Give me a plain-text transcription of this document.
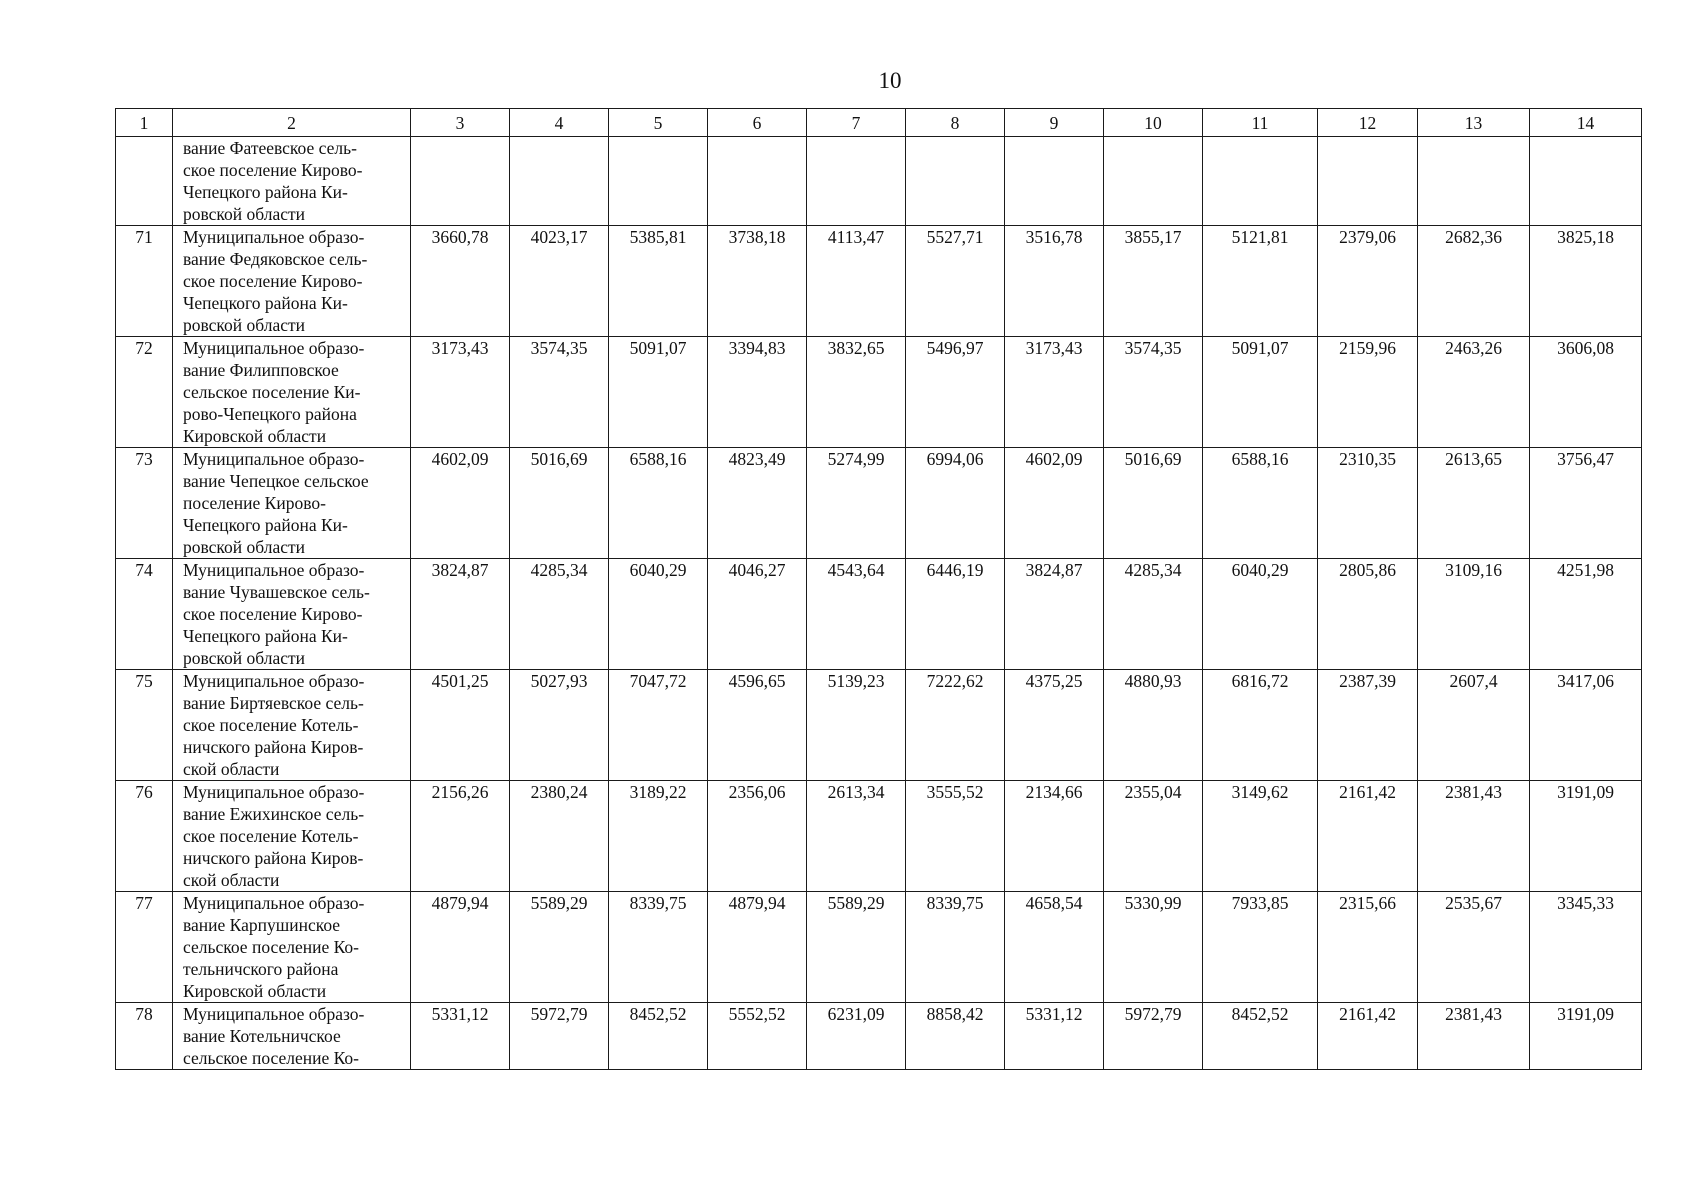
10
1	2	3	4	5	6	7	8	9	10	11	12	13	14

	вание Фатеевское сель-
ское поселение Кирово-
Чепецкого района Ки-
ровской области												

71	Муниципальное образо-
вание Федяковское сель-
ское поселение Кирово-
Чепецкого района Ки-
ровской области	3660,78	4023,17	5385,81	3738,18	4113,47	5527,71	3516,78	3855,17	5121,81	2379,06	2682,36	3825,18
72	Муниципальное образо-
вание Филипповское
сельское поселение Ки-
рово-Чепецкого района
Кировской области	3173,43	3574,35	5091,07	3394,83	3832,65	5496,97	3173,43	3574,35	5091,07	2159,96	2463,26	3606,08
73	Муниципальное образо-
вание Чепецкое сельское
поселение Кирово-
Чепецкого района Ки-
ровской области	4602,09	5016,69	6588,16	4823,49	5274,99	6994,06	4602,09	5016,69	6588,16	2310,35	2613,65	3756,47
74	Муниципальное образо-
вание Чувашевское сель-
ское поселение Кирово-
Чепецкого района Ки-
ровской области	3824,87	4285,34	6040,29	4046,27	4543,64	6446,19	3824,87	4285,34	6040,29	2805,86	3109,16	4251,98
75	Муниципальное образо-
вание Биртяевское сель-
ское поселение Котель-
ничского района Киров-
ской области	4501,25	5027,93	7047,72	4596,65	5139,23	7222,62	4375,25	4880,93	6816,72	2387,39	2607,4	3417,06
76	Муниципальное образо-
вание Ежихинское сель-
ское поселение Котель-
ничского района Киров-
ской области	2156,26	2380,24	3189,22	2356,06	2613,34	3555,52	2134,66	2355,04	3149,62	2161,42	2381,43	3191,09
77	Муниципальное образо-
вание Карпушинское
сельское поселение Ко-
тельничского района
Кировской области	4879,94	5589,29	8339,75	4879,94	5589,29	8339,75	4658,54	5330,99	7933,85	2315,66	2535,67	3345,33
78	Муниципальное образо-
вание Котельничское
сельское поселение Ко-	5331,12	5972,79	8452,52	5552,52	6231,09	8858,42	5331,12	5972,79	8452,52	2161,42	2381,43	3191,09
